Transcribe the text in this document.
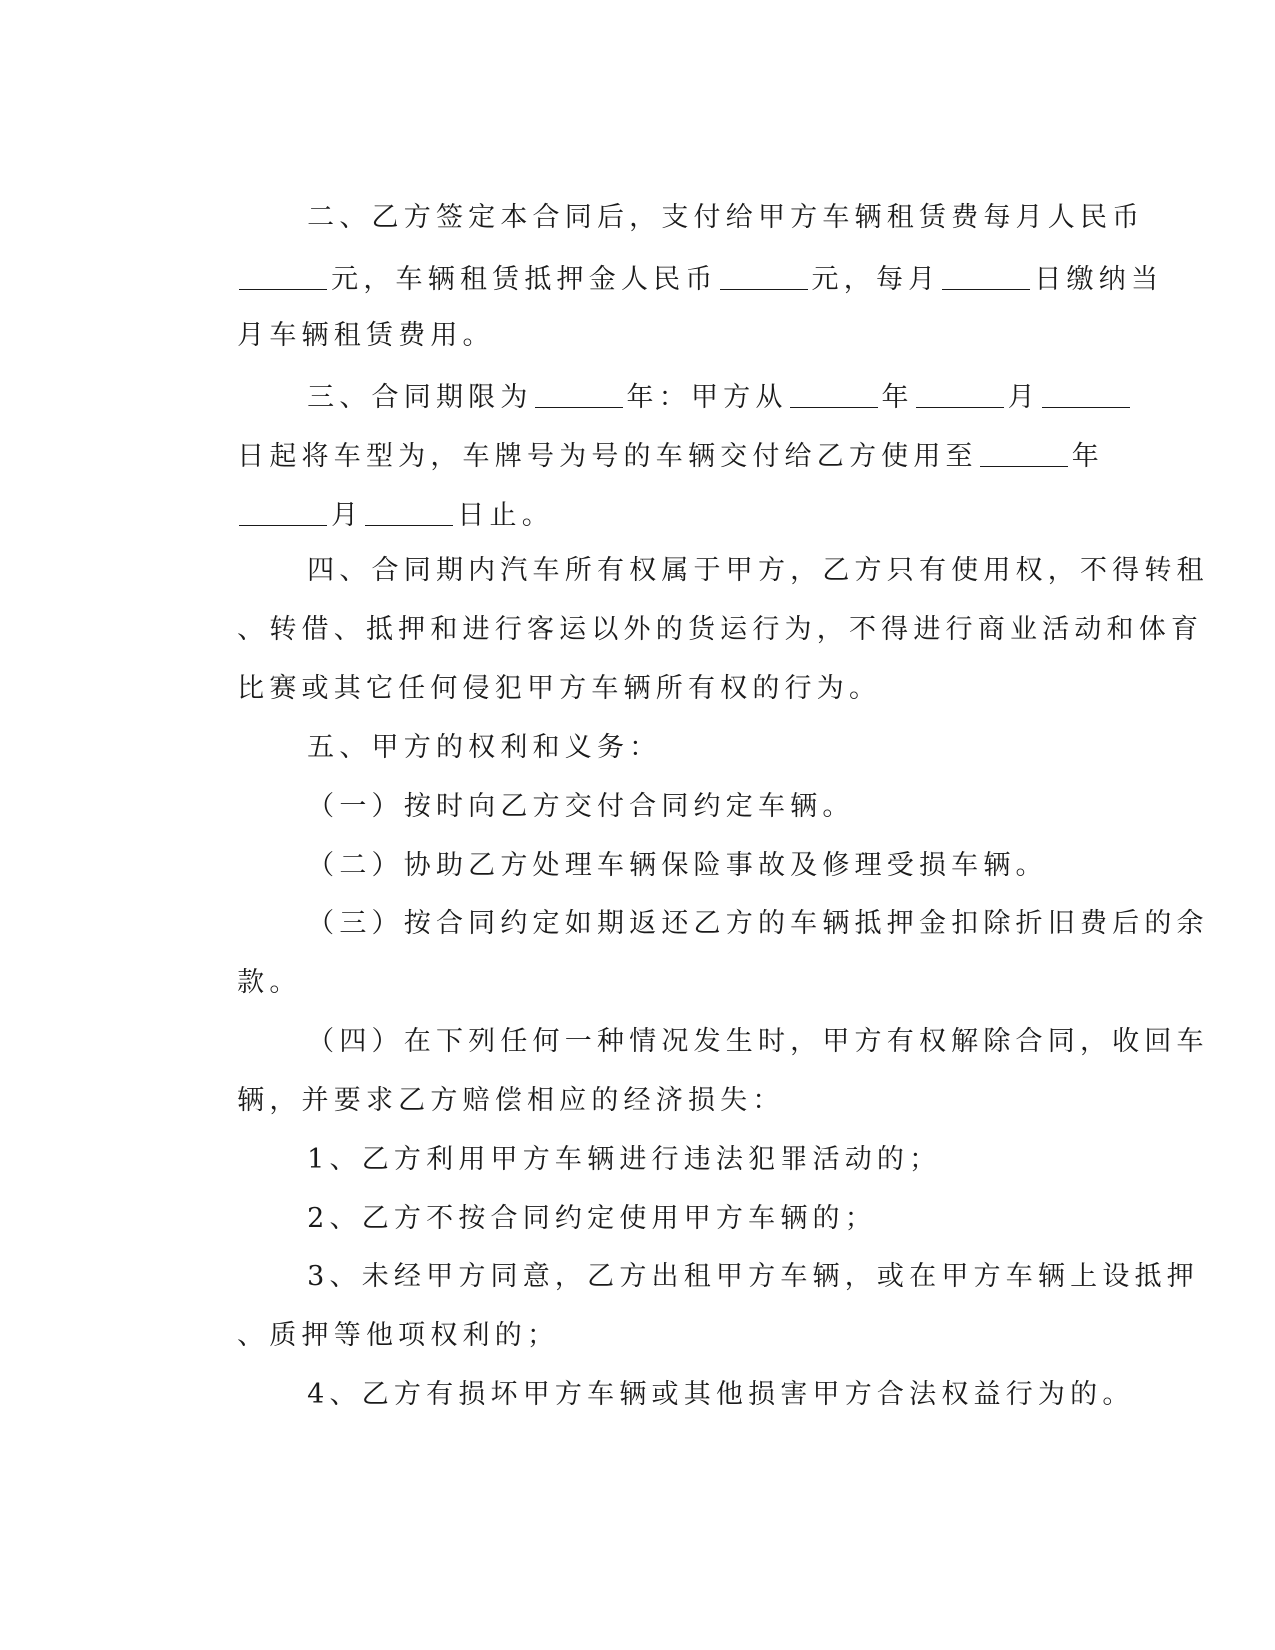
二、乙方签定本合同后，支付给甲方车辆租赁费每月人民币

元，车辆租赁抵押金人民币	元，每月	日缴纳当

月车辆租赁费用。

三、合同期限为	年：甲方从	年	月

日起将车型为，车牌号为号的车辆交付给乙方使用至	年

月	日止。

四、合同期内汽车所有权属于甲方，乙方只有使用权，不得转租

、转借、抵押和进行客运以外的货运行为，不得进行商业活动和体育

比赛或其它任何侵犯甲方车辆所有权的行为。

五、甲方的权利和义务：

（一）按时向乙方交付合同约定车辆。

（二）协助乙方处理车辆保险事故及修理受损车辆。

（三）按合同约定如期返还乙方的车辆抵押金扣除折旧费后的余

款。

（四）在下列任何一种情况发生时，甲方有权解除合同，收回车

辆，并要求乙方赔偿相应的经济损失：

1、乙方利用甲方车辆进行违法犯罪活动的；

2、乙方不按合同约定使用甲方车辆的；

3、未经甲方同意，乙方出租甲方车辆，或在甲方车辆上设抵押

、质押等他项权利的；

4、乙方有损坏甲方车辆或其他损害甲方合法权益行为的。
